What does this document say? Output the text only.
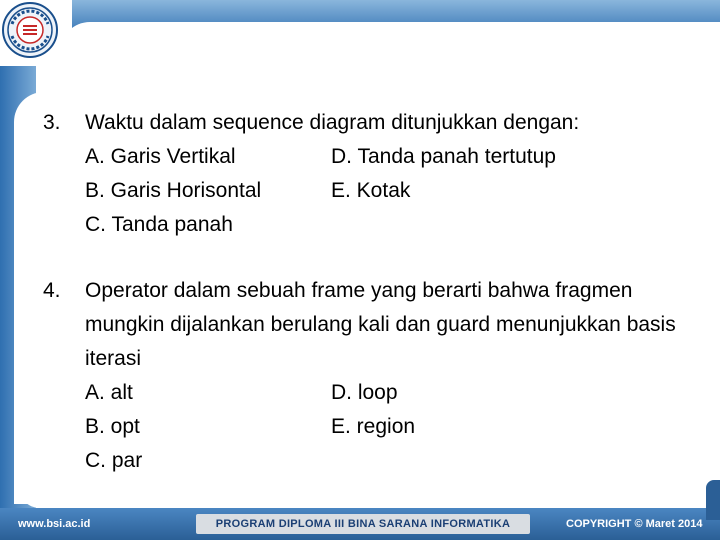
3. Waktu dalam sequence diagram ditunjukkan dengan:
A. Garis Vertikal	D. Tanda panah tertutup
B. Garis Horisontal	E. Kotak
C. Tanda panah
4. Operator dalam sebuah frame yang berarti bahwa fragmen mungkin dijalankan berulang kali dan guard menunjukkan basis iterasi
A. alt	D. loop
B. opt	E. region
C. par
www.bsi.ac.id	PROGRAM DIPLOMA III BINA SARANA INFORMATIKA	COPYRIGHT © Maret 2014
